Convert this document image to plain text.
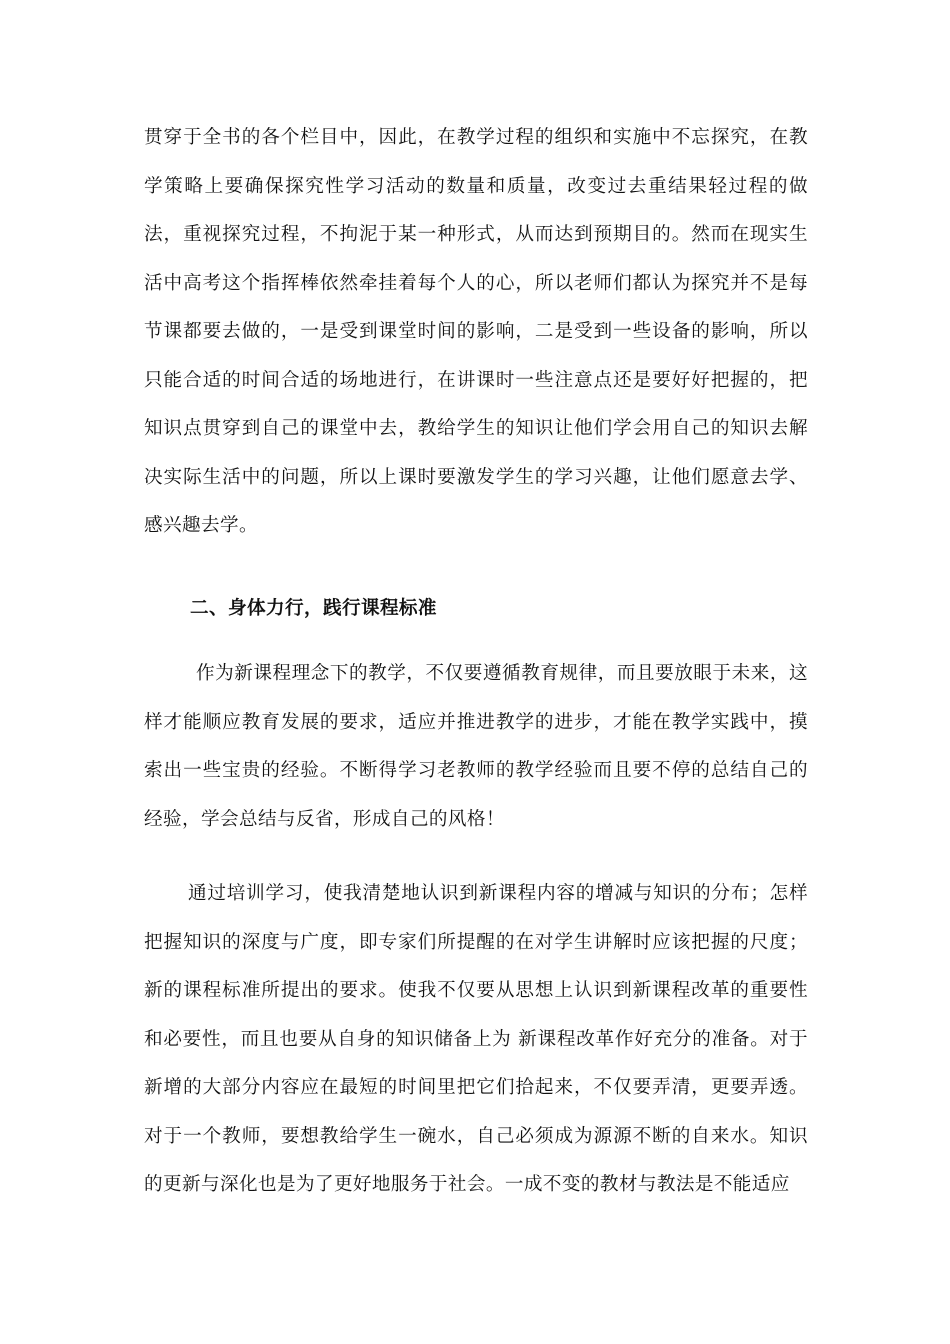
贯穿于全书的各个栏目中，因此，在教学过程的组织和实施中不忘探究，在教学策略上要确保探究性学习活动的数量和质量，改变过去重结果轻过程的做法，重视探究过程，不拘泥于某一种形式，从而达到预期目的。然而在现实生活中高考这个指挥棒依然牵挂着每个人的心，所以老师们都认为探究并不是每节课都要去做的，一是受到课堂时间的影响，二是受到一些设备的影响，所以只能合适的时间合适的场地进行，在讲课时一些注意点还是要好好把握的，把知识点贯穿到自己的课堂中去，教给学生的知识让他们学会用自己的知识去解决实际生活中的问题，所以上课时要激发学生的学习兴趣，让他们愿意去学、感兴趣去学。

二、身体力行，践行课程标准

作为新课程理念下的教学，不仅要遵循教育规律，而且要放眼于未来，这样才能顺应教育发展的要求，适应并推进教学的进步，才能在教学实践中，摸索出一些宝贵的经验。不断得学习老教师的教学经验而且要不停的总结自己的经验，学会总结与反省，形成自己的风格！

通过培训学习，使我清楚地认识到新课程内容的增减与知识的分布；怎样把握知识的深度与广度，即专家们所提醒的在对学生讲解时应该把握的尺度；新的课程标准所提出的要求。使我不仅要从思想上认识到新课程改革的重要性和必要性，而且也要从自身的知识储备上为 新课程改革作好充分的准备。对于新增的大部分内容应在最短的时间里把它们拾起来，不仅要弄清，更要弄透。对于一个教师，要想教给学生一碗水，自己必须成为源源不断的自来水。知识的更新与深化也是为了更好地服务于社会。一成不变的教材与教法是不能适应
